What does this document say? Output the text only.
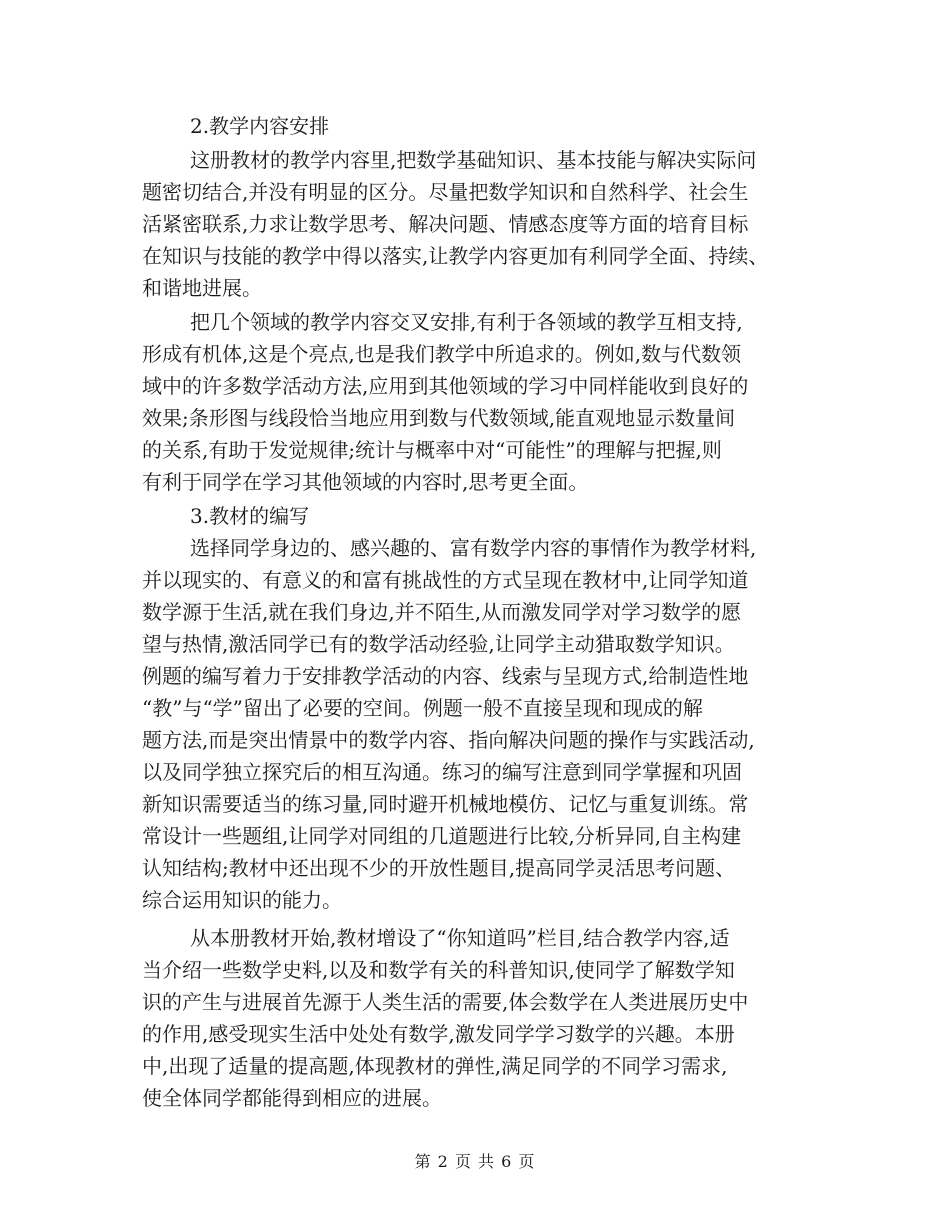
2.教学内容安排
这册教材的教学内容里,把数学基础知识、基本技能与解决实际问
题密切结合,并没有明显的区分。尽量把数学知识和自然科学、社会生
活紧密联系,力求让数学思考、解决问题、情感态度等方面的培育目标
在知识与技能的教学中得以落实,让教学内容更加有利同学全面、持续、
和谐地进展。
把几个领域的教学内容交叉安排,有利于各领域的教学互相支持,
形成有机体,这是个亮点,也是我们教学中所追求的。例如,数与代数领
域中的许多数学活动方法,应用到其他领域的学习中同样能收到良好的
效果;条形图与线段恰当地应用到数与代数领域,能直观地显示数量间
的关系,有助于发觉规律;统计与概率中对“可能性”的理解与把握,则
有利于同学在学习其他领域的内容时,思考更全面。
3.教材的编写
选择同学身边的、感兴趣的、富有数学内容的事情作为教学材料,
并以现实的、有意义的和富有挑战性的方式呈现在教材中,让同学知道
数学源于生活,就在我们身边,并不陌生,从而激发同学对学习数学的愿
望与热情,激活同学已有的数学活动经验,让同学主动猎取数学知识。
例题的编写着力于安排教学活动的内容、线索与呈现方式,给制造性地
“教”与“学”留出了必要的空间。例题一般不直接呈现和现成的解
题方法,而是突出情景中的数学内容、指向解决问题的操作与实践活动,
以及同学独立探究后的相互沟通。练习的编写注意到同学掌握和巩固
新知识需要适当的练习量,同时避开机械地模仿、记忆与重复训练。常
常设计一些题组,让同学对同组的几道题进行比较,分析异同,自主构建
认知结构;教材中还出现不少的开放性题目,提高同学灵活思考问题、
综合运用知识的能力。
从本册教材开始,教材增设了“你知道吗”栏目,结合教学内容,适
当介绍一些数学史料,以及和数学有关的科普知识,使同学了解数学知
识的产生与进展首先源于人类生活的需要,体会数学在人类进展历史中
的作用,感受现实生活中处处有数学,激发同学学习数学的兴趣。本册
中,出现了适量的提高题,体现教材的弹性,满足同学的不同学习需求,
使全体同学都能得到相应的进展。
第 2 页 共 6 页
